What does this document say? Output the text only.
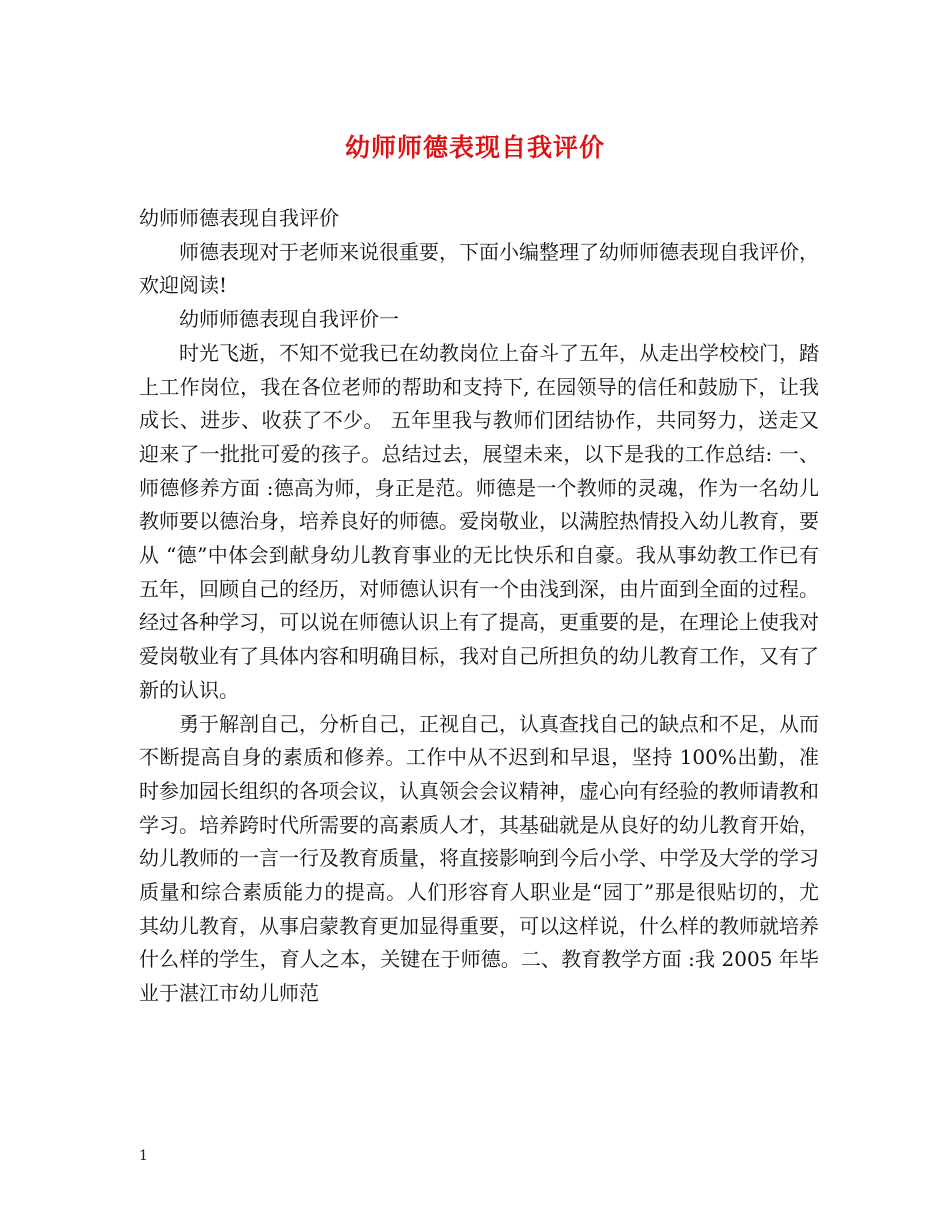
幼师师德表现自我评价

幼师师德表现自我评价

师德表现对于老师来说很重要，下面小编整理了幼师师德表现自我评价，欢迎阅读!

幼师师德表现自我评价一

时光飞逝，不知不觉我已在幼教岗位上奋斗了五年，从走出学校校门，踏上工作岗位，我在各位老师的帮助和支持下, 在园领导的信任和鼓励下，让我成长、进步、收获了不少。 五年里我与教师们团结协作，共同努力，送走又迎来了一批批可爱的孩子。总结过去，展望未来，以下是我的工作总结: 一、师德修养方面 :德高为师，身正是范。师德是一个教师的灵魂，作为一名幼儿教师要以德治身，培养良好的师德。爱岗敬业，以满腔热情投入幼儿教育，要从 “德”中体会到献身幼儿教育事业的无比快乐和自豪。我从事幼教工作已有五年，回顾自己的经历，对师德认识有一个由浅到深，由片面到全面的过程。经过各种学习，可以说在师德认识上有了提高，更重要的是，在理论上使我对爱岗敬业有了具体内容和明确目标，我对自己所担负的幼儿教育工作，又有了新的认识。

勇于解剖自己，分析自己，正视自己，认真查找自己的缺点和不足，从而不断提高自身的素质和修养。工作中从不迟到和早退，坚持 100%出勤，准时参加园长组织的各项会议，认真领会会议精神，虚心向有经验的教师请教和学习。培养跨时代所需要的高素质人才，其基础就是从良好的幼儿教育开始，幼儿教师的一言一行及教育质量，将直接影响到今后小学、中学及大学的学习质量和综合素质能力的提高。人们形容育人职业是“园丁”那是很贴切的，尤其幼儿教育，从事启蒙教育更加显得重要，可以这样说，什么样的教师就培养什么样的学生，育人之本，关键在于师德。二、教育教学方面 :我 2005 年毕业于湛江市幼儿师范

1
